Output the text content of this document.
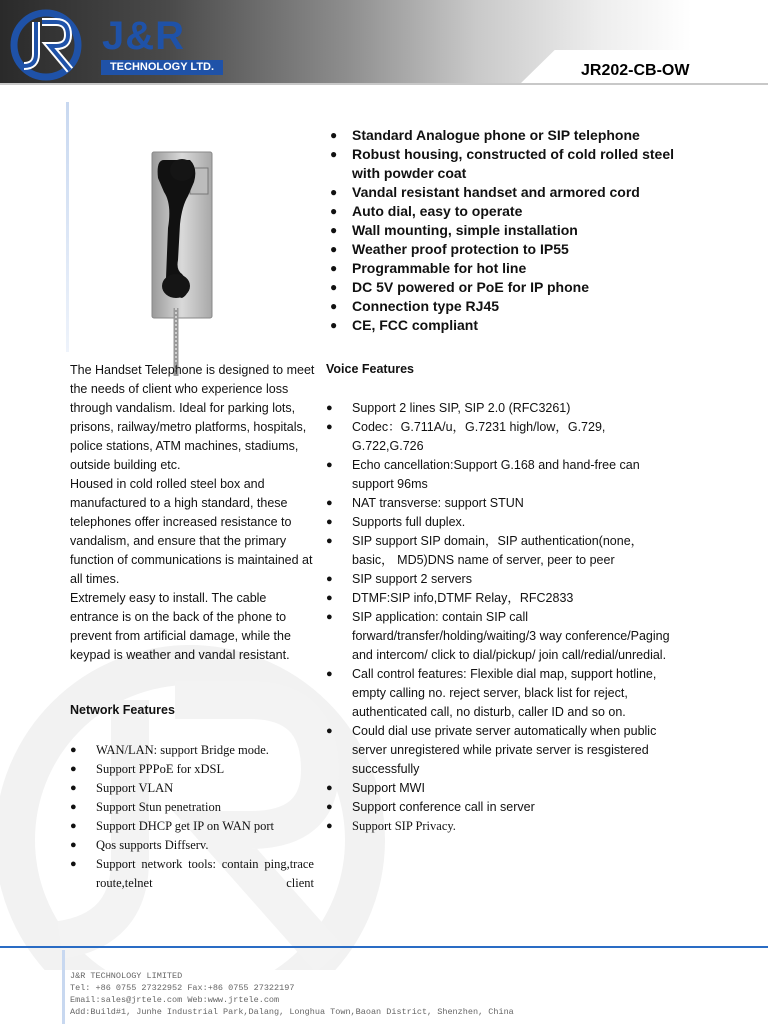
J&R
TECHNOLOGY LTD.	JR202-CB-OW
● Standard Analogue phone or SIP telephone
● Robust housing, constructed of cold rolled steel with powder coat
● Vandal resistant handset and armored cord
● Auto dial, easy to operate
● Wall mounting, simple installation
● Weather proof protection to IP55
● Programmable for hot line
● DC 5V powered or PoE for IP phone
● Connection type RJ45
● CE, FCC compliant

The Handset Telephone is designed to meet the needs of client who experience loss through vandalism. Ideal for parking lots, prisons, railway/metro platforms, hospitals, police stations, ATM machines, stadiums, outside building etc.

Housed in cold rolled steel box and manufactured to a high standard, these telephones offer increased resistance to vandalism, and ensure that the primary function of communications is maintained at all times.

Extremely easy to install. The cable entrance is on the back of the phone to prevent from artificial damage, while the keypad is weather and vandal resistant.

Voice Features
● Support 2 lines SIP, SIP 2.0 (RFC3261)
● Codec：G.711A/u，G.7231 high/low，G.729, G.722,G.726
● Echo cancellation:Support G.168 and hand-free can support 96ms
● NAT transverse: support STUN
● Supports full duplex.
● SIP support SIP domain，SIP authentication(none，basic， MD5)DNS name of server, peer to peer
● SIP support 2 servers
● DTMF:SIP info,DTMF Relay，RFC2833
● SIP application: contain SIP call forward/transfer/holding/waiting/3 way conference/Paging and intercom/ click to dial/pickup/ join call/redial/unredial.
● Call control features: Flexible dial map, support hotline, empty calling no. reject server, black list for reject, authenticated call, no disturb, caller ID and so on.
● Could dial use private server automatically when public server unregistered while private server is resgistered successfully
● Support MWI
● Support conference call in server
● Support SIP Privacy.
Network Features
● WAN/LAN: support Bridge mode.
● Support PPPoE for xDSL
● Support VLAN
● Support Stun penetration
● Support DHCP get IP on WAN port
● Qos supports Diffserv.
● Support network tools: contain ping,trace route,telnet client
J&R TECHNOLOGY LIMITED
Tel: +86 0755 27322952 Fax:+86 0755 27322197
Email:sales@jrtele.com Web:www.jrtele.com
Add:Build#1, Junhe Industrial Park,Dalang, Longhua Town,Baoan District, Shenzhen, China
